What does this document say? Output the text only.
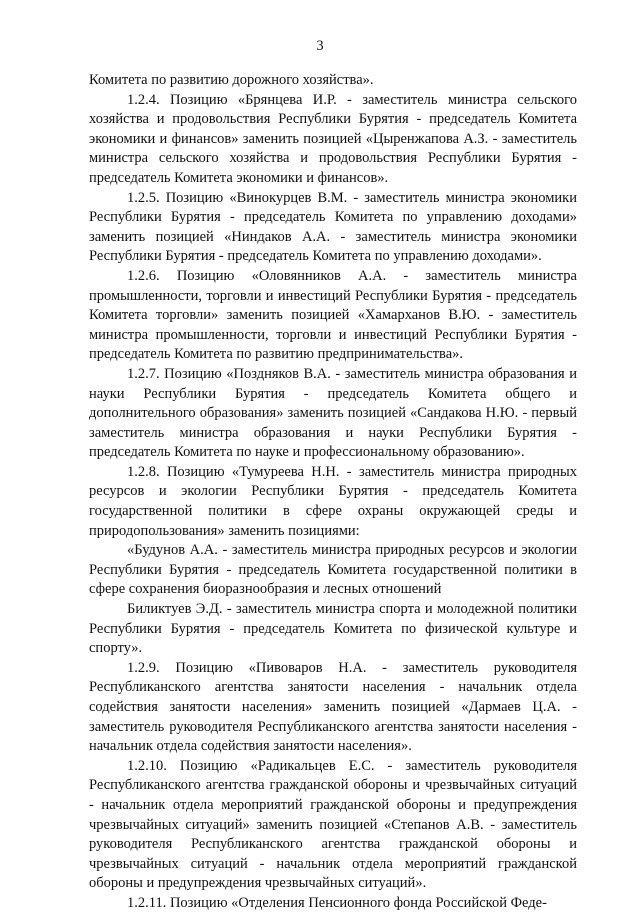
3

Комитета по развитию дорожного хозяйства».

1.2.4. Позицию «Брянцева И.Р. - заместитель министра сельского хозяйства и продовольствия Республики Бурятия - председатель Комитета экономики и финансов» заменить позицией «Цыренжапова А.З. - заместитель министра сельского хозяйства и продовольствия Республики Бурятия - председатель Комитета экономики и финансов».

1.2.5. Позицию «Винокурцев В.М. - заместитель министра экономики Республики Бурятия - председатель Комитета по управлению доходами» заменить позицией «Ниндаков А.А. - заместитель министра экономики Республики Бурятия - председатель Комитета по управлению доходами».

1.2.6. Позицию «Оловянников А.А. - заместитель министра промышленности, торговли и инвестиций Республики Бурятия - председатель Комитета торговли» заменить позицией «Хамарханов В.Ю. - заместитель министра промышленности, торговли и инвестиций Республики Бурятия - председатель Комитета по развитию предпринимательства».

1.2.7. Позицию «Поздняков В.А. - заместитель министра образования и науки Республики Бурятия - председатель Комитета общего и дополнительного образования» заменить позицией «Сандакова Н.Ю. - первый заместитель министра образования и науки Республики Бурятия - председатель Комитета по науке и профессиональному образованию».

1.2.8. Позицию «Тумуреева Н.Н. - заместитель министра природных ресурсов и экологии Республики Бурятия - председатель Комитета государственной политики в сфере охраны окружающей среды и природопользования» заменить позициями:

«Будунов А.А. - заместитель министра природных ресурсов и экологии Республики Бурятия - председатель Комитета государственной политики в сфере сохранения биоразнообразия и лесных отношений

Биликтуев Э.Д. - заместитель министра спорта и молодежной политики Республики Бурятия - председатель Комитета по физической культуре и спорту».

1.2.9. Позицию «Пивоваров Н.А. - заместитель руководителя Республиканского агентства занятости населения - начальник отдела содействия занятости населения» заменить позицией «Дармаев Ц.А. - заместитель руководителя Республиканского агентства занятости населения - начальник отдела содействия занятости населения».

1.2.10. Позицию «Радикальцев Е.С. - заместитель руководителя Республиканского агентства гражданской обороны и чрезвычайных ситуаций - начальник отдела мероприятий гражданской обороны и предупреждения чрезвычайных ситуаций» заменить позицией «Степанов А.В. - заместитель руководителя Республиканского агентства гражданской обороны и чрезвычайных ситуаций - начальник отдела мероприятий гражданской обороны и предупреждения чрезвычайных ситуаций».

1.2.11. Позицию «Отделения Пенсионного фонда Российской Феде-
